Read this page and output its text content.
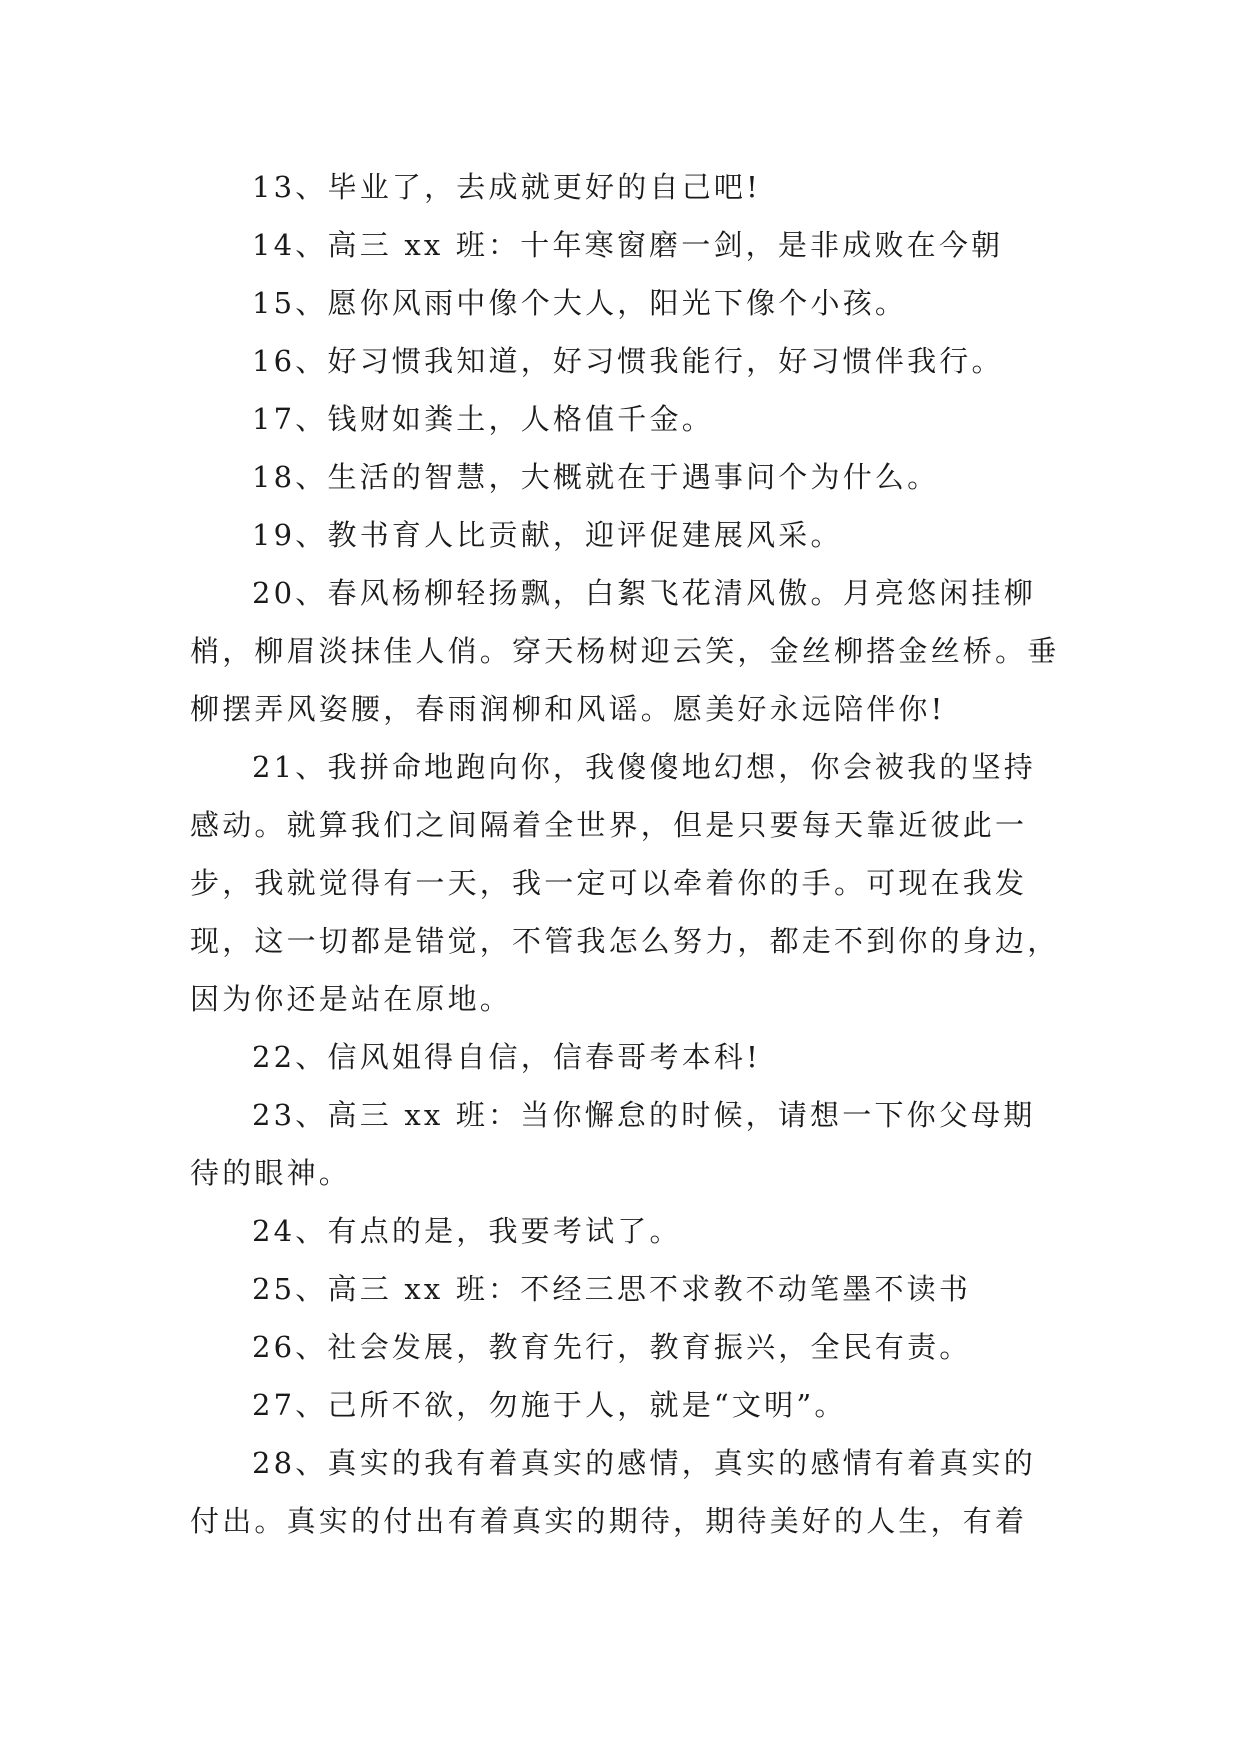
13、毕业了，去成就更好的自己吧!

14、高三 xx 班：十年寒窗磨一剑，是非成败在今朝

15、愿你风雨中像个大人，阳光下像个小孩。

16、好习惯我知道，好习惯我能行，好习惯伴我行。

17、钱财如粪土，人格值千金。

18、生活的智慧，大概就在于遇事问个为什么。

19、教书育人比贡献，迎评促建展风采。

20、春风杨柳轻扬飘，白絮飞花清风傲。月亮悠闲挂柳梢，柳眉淡抹佳人俏。穿天杨树迎云笑，金丝柳搭金丝桥。垂柳摆弄风姿腰，春雨润柳和风谣。愿美好永远陪伴你!

21、我拼命地跑向你，我傻傻地幻想，你会被我的坚持感动。就算我们之间隔着全世界，但是只要每天靠近彼此一步，我就觉得有一天，我一定可以牵着你的手。可现在我发现，这一切都是错觉，不管我怎么努力，都走不到你的身边，因为你还是站在原地。

22、信风姐得自信，信春哥考本科!

23、高三 xx 班：当你懈怠的时候，请想一下你父母期待的眼神。

24、有点的是，我要考试了。

25、高三 xx 班：不经三思不求教不动笔墨不读书

26、社会发展，教育先行，教育振兴，全民有责。

27、己所不欲，勿施于人，就是“文明”。

28、真实的我有着真实的感情，真实的感情有着真实的付出。真实的付出有着真实的期待，期待美好的人生，有着
